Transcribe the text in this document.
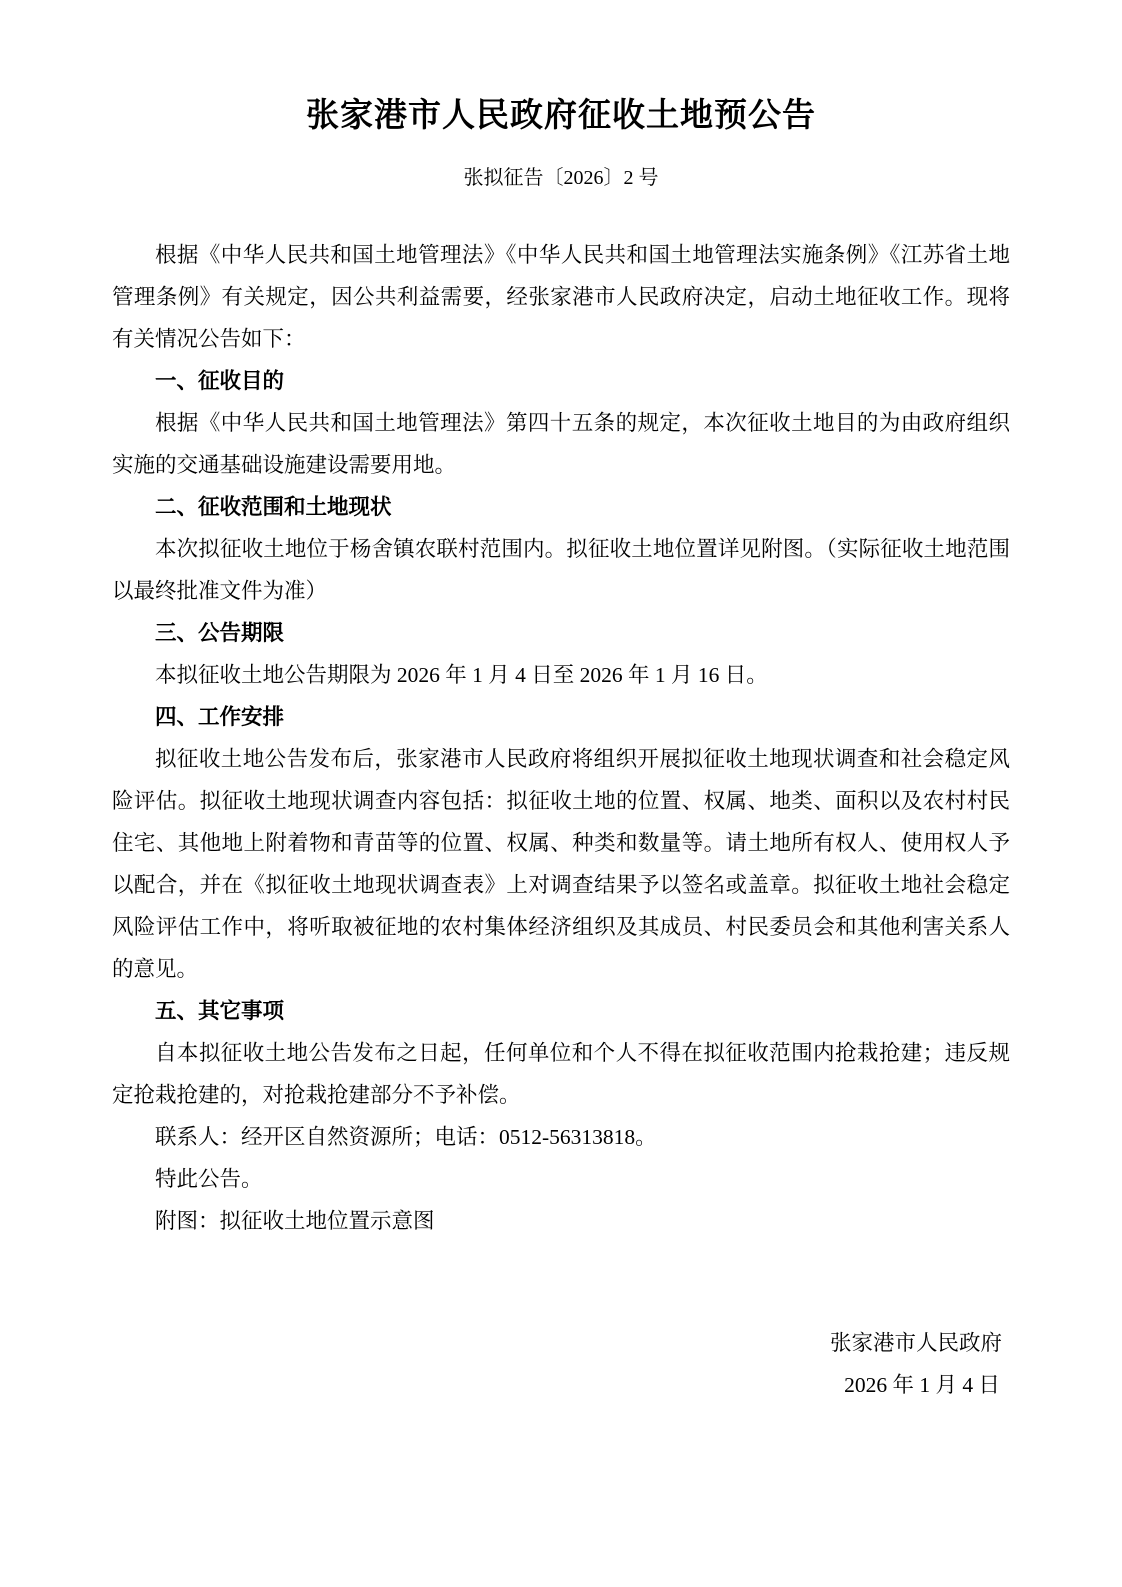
张家港市人民政府征收土地预公告

张拟征告〔2026〕2 号

根据《中华人民共和国土地管理法》《中华人民共和国土地管理法实施条例》《江苏省土地管理条例》有关规定，因公共利益需要，经张家港市人民政府决定，启动土地征收工作。现将有关情况公告如下：

一、征收目的

根据《中华人民共和国土地管理法》第四十五条的规定，本次征收土地目的为由政府组织实施的交通基础设施建设需要用地。

二、征收范围和土地现状

本次拟征收土地位于杨舍镇农联村范围内。拟征收土地位置详见附图。（实际征收土地范围以最终批准文件为准）

三、公告期限

本拟征收土地公告期限为 2026 年 1 月 4 日至 2026 年 1 月 16 日。

四、工作安排

拟征收土地公告发布后，张家港市人民政府将组织开展拟征收土地现状调查和社会稳定风险评估。拟征收土地现状调查内容包括：拟征收土地的位置、权属、地类、面积以及农村村民住宅、其他地上附着物和青苗等的位置、权属、种类和数量等。请土地所有权人、使用权人予以配合，并在《拟征收土地现状调查表》上对调查结果予以签名或盖章。拟征收土地社会稳定风险评估工作中，将听取被征地的农村集体经济组织及其成员、村民委员会和其他利害关系人的意见。

五、其它事项

自本拟征收土地公告发布之日起，任何单位和个人不得在拟征收范围内抢栽抢建；违反规定抢栽抢建的，对抢栽抢建部分不予补偿。

联系人：经开区自然资源所；电话：0512-56313818。

特此公告。

附图：拟征收土地位置示意图

张家港市人民政府

2026 年 1 月 4 日
